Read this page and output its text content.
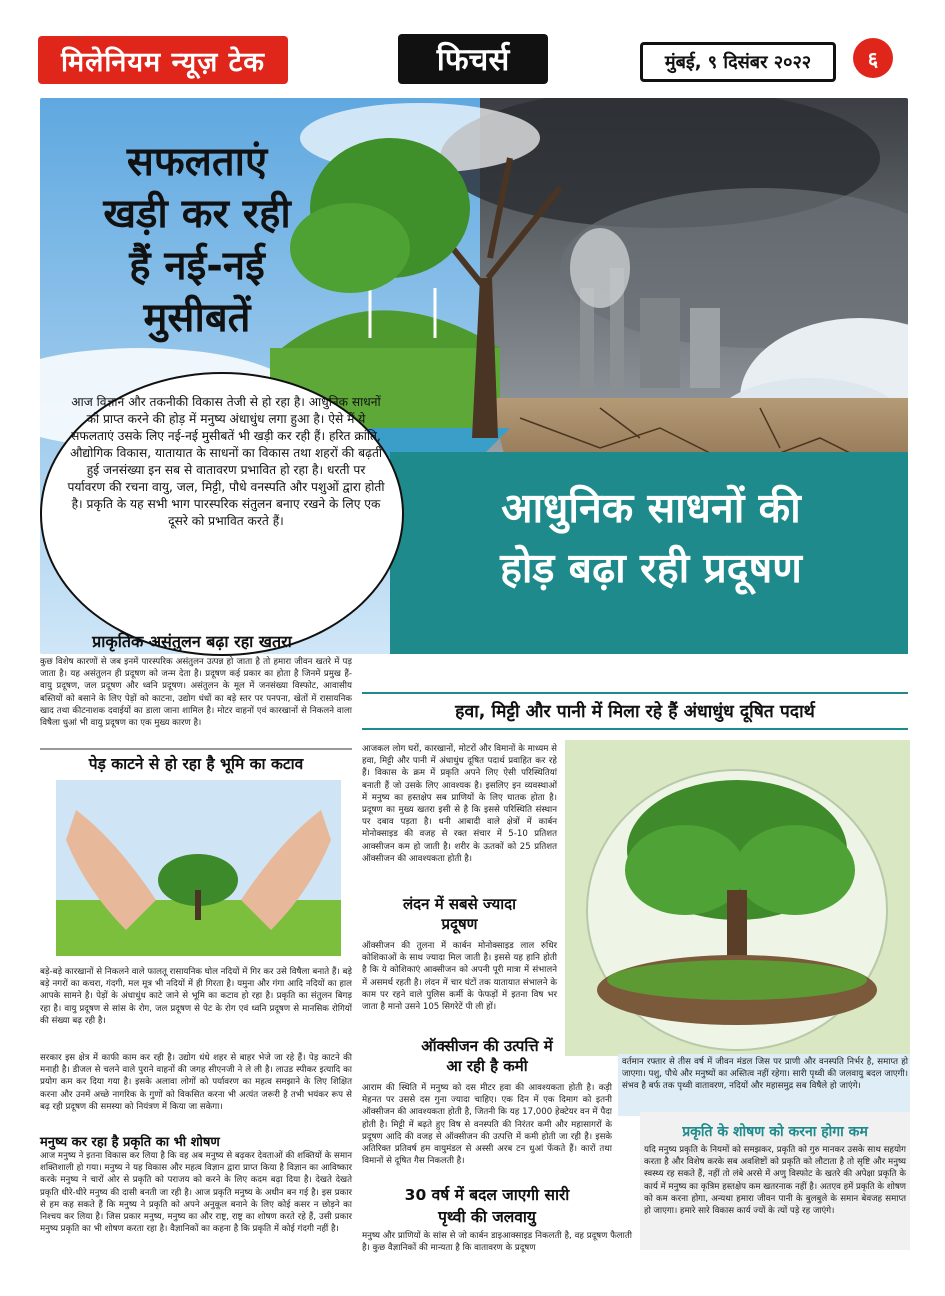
मिलेनियम न्यूज़ टेक	फिचर्स	मुंबई, ९ दिसंबर २०२२	६
सफलताएं
खड़ी कर रही
हैं नई-नई
मुसीबतें
आधुनिक साधनों की
होड़ बढ़ा रही प्रदूषण
आज विज्ञान और तकनीकी विकास तेजी से हो रहा है। आधुनिक साधनों को प्राप्त करने की होड़ में मनुष्य अंधाधुंध लगा हुआ है। ऐसे में ये सफलताएं उसके लिए नई-नई मुसीबतें भी खड़ी कर रही हैं। हरित क्रांति, औद्योगिक विकास, यातायात के साधनों का विकास तथा शहरों की बढ़ती हुई जनसंख्या इन सब से वातावरण प्रभावित हो रहा है। धरती पर पर्यावरण की रचना वायु, जल, मिट्टी, पौधे वनस्पति और पशुओं द्वारा होती है। प्रकृति के यह सभी भाग पारस्परिक संतुलन बनाए रखने के लिए एक दूसरे को प्रभावित करते हैं।
प्राकृतिक असंतुलन बढ़ा रहा खतरा
कुछ विशेष कारणों से जब इनमें पारस्परिक असंतुलन उत्पन्न हो जाता है तो हमारा जीवन खतरे में पड़ जाता है। यह असंतुलन ही प्रदूषण को जन्म देता है। प्रदूषण कई प्रकार का होता है जिनमें प्रमुख हैं- वायु प्रदूषण, जल प्रदूषण और ध्वनि प्रदूषण। असंतुलन के मूल में जनसंख्या विस्फोट, आवासीय बस्तियों को बसाने के लिए पेड़ों को काटना, उद्योग धंधों का बड़े स्तर पर पनपना, खेतों में रासायनिक खाद तथा कीटनाशक दवाईयों का डाला जाना शामिल है। मोटर वाहनों एवं कारखानों से निकलने वाला विषैला धुआं भी वायु प्रदूषण का एक मुख्य कारण है।
पेड़ काटने से हो रहा है भूमि का कटाव
बड़े-बड़े कारखानों से निकलने वाले फालतू रासायनिक घोल नदियों में गिर कर उसे विषैला बनाते हैं। बड़े बड़े नगरों का कचरा, गंदगी, मल मूत्र भी नदियों में ही गिरता है। यमुना और गंगा आदि नदियों का हाल आपके सामने है। पेड़ों के अंधाधुंध काटे जाने से भूमि का कटाव हो रहा है। प्रकृति का संतुलन बिगड़ रहा है। वायु प्रदूषण से सांस के रोग, जल प्रदूषण से पेट के रोग एवं ध्वनि प्रदूषण से मानसिक रोगियों की संख्या बढ़ रही है।
सरकार इस क्षेत्र में काफी काम कर रही है। उद्योग धंधे शहर से बाहर भेजे जा रहे हैं। पेड़ काटने की मनाही है। डीजल से चलने वाले पुराने वाहनों की जगह सीएनजी ने ले ली है। लाउड स्पीकर इत्यादि का प्रयोग कम कर दिया गया है। इसके अलावा लोगों को पर्यावरण का महत्व समझाने के लिए शिक्षित करना और उनमें अच्छे नागरिक के गुणों को विकसित करना भी अत्यंत जरूरी है तभी भयंकर रूप से बढ़ रही प्रदूषण की समस्या को नियंत्रण में किया जा सकेगा।
मनुष्य कर रहा है प्रकृति का भी शोषण
आज मनुष्य ने इतना विकास कर लिया है कि वह अब मनुष्य से बढ़कर देवताओं की शक्तियों के समान शक्तिशाली हो गया। मनुष्य ने यह विकास और महत्व विज्ञान द्वारा प्राप्त किया है विज्ञान का आविष्कार करके मनुष्य ने चारों ओर से प्रकृति को पराजय को करने के लिए कदम बढ़ा दिया है। देखते देखते प्रकृति धीरे-धीरे मनुष्य की दासी बनती जा रही है। आज प्रकृति मनुष्य के अधीन बन गई है। इस प्रकार से हम कह सकते हैं कि मनुष्य ने प्रकृति को अपने अनुकूल बनाने के लिए कोई कसर न छोड़ने का निश्चय कर लिया है। जिस प्रकार मनुष्य, मनुष्य का और राष्ट्र, राष्ट्र का शोषण करते रहे हैं, उसी प्रकार मनुष्य प्रकृति का भी शोषण करता रहा है। वैज्ञानिकों का कहना है कि प्रकृति में कोई गंदगी नहीं है।
हवा, मिट्टी और पानी में मिला रहे हैं अंधाधुंध दूषित पदार्थ
आजकल लोग घरों, कारखानों, मोटरों और विमानों के माध्यम से हवा, मिट्टी और पानी में अंधाधुंध दूषित पदार्थ प्रवाहित कर रहे हैं। विकास के क्रम में प्रकृति अपने लिए ऐसी परिस्थितियां बनाती हैं जो उसके लिए आवश्यक है। इसलिए इन व्यवस्थाओं में मनुष्य का हस्तक्षेप सब प्राणियों के लिए घातक होता है। प्रदूषण का मुख्य खतरा इसी से है कि इससे परिस्थिति संस्थान पर दबाव पड़ता है। धनी आबादी वाले क्षेत्रों में कार्बन मोनोक्साइड की वजह से रक्त संचार में 5-10 प्रतिशत आक्सीजन कम हो जाती है। शरीर के ऊतकों को 25 प्रतिशत ऑक्सीजन की आवश्यकता होती है।
लंदन में सबसे ज्यादा
प्रदूषण
ऑक्सीजन की तुलना में कार्बन मोनोक्साइड लाल रुधिर कोशिकाओं के साथ ज्यादा मिल जाती है। इससे यह हानि होती है कि ये कोशिकाएं आक्सीजन को अपनी पूरी मात्रा में संभालने में असमर्थ रहती है। लंदन में चार घंटों तक यातायात संभालने के काम पर रहने वाले पुलिस कर्मी के फेफड़ों में इतना विष भर जाता है मानो उसने 105 सिगरेटें पी ली हों।
ऑक्सीजन की उत्पत्ति में
आ रही है कमी
आराम की स्थिति में मनुष्य को दस मीटर हवा की आवश्यकता होती है। कड़ी मेहनत पर उससे दस गुना ज्यादा चाहिए। एक दिन में एक दिमाग को इतनी ऑक्सीजन की आवश्यकता होती है, जितनी कि यह 17,000 हेक्टेयर वन में पैदा होती है। मिट्टी में बढ़ते हुए विष से वनस्पति की निरंतर कमी और महासागरों के प्रदूषण आदि की वजह से ऑक्सीजन की उत्पत्ति में कमी होती जा रही है। इसके अतिरिक्त प्रतिवर्ष हम वायुमंडल से अस्सी अरब टन धुआं फेंकते हैं। कारों तथा विमानों से दूषित गैस निकलती है।
30 वर्ष में बदल जाएगी सारी
पृथ्वी की जलवायु
मनुष्य और प्राणियों के सांस से जो कार्बन डाइआक्साइड निकलती है, वह प्रदूषण फैलाती है। कुछ वैज्ञानिकों की मान्यता है कि वातावरण के प्रदूषण
वर्तमान रफ्तार से तीस वर्ष में जीवन मंडल जिस पर प्राणी और वनस्पति निर्भर है, समाप्त हो जाएगा। पशु, पौधे और मनुष्यों का अस्तित्व नहीं रहेगा। सारी पृथ्वी की जलवायु बदल जाएगी। संभव है बर्फ तक पृथ्वी वातावरण, नदियों और महासमुद्र सब विषैले हो जाएंगे।
प्रकृति के शोषण को करना होगा कम
यदि मनुष्य प्रकृति के नियमों को समझकर, प्रकृति को गुरु मानकर उसके साथ सहयोग करता है और विशेष करके सब अवशिष्टों को प्रकृति को लौटाता है तो सृष्टि और मनुष्य स्वस्थ्य रह सकते हैं, नहीं तो लंबे अरसे में अणु विस्फोट के खतरे की अपेक्षा प्रकृति के कार्य में मनुष्य का कृत्रिम हस्तक्षेप कम खतरनाक नहीं है। अतएव हमें प्रकृति के शोषण को कम करना होगा, अन्यथा हमारा जीवन पानी के बुलबुले के समान बेवजह समाप्त हो जाएगा। हमारे सारे विकास कार्य ज्यों के त्यों पड़े रह जाएंगे।
